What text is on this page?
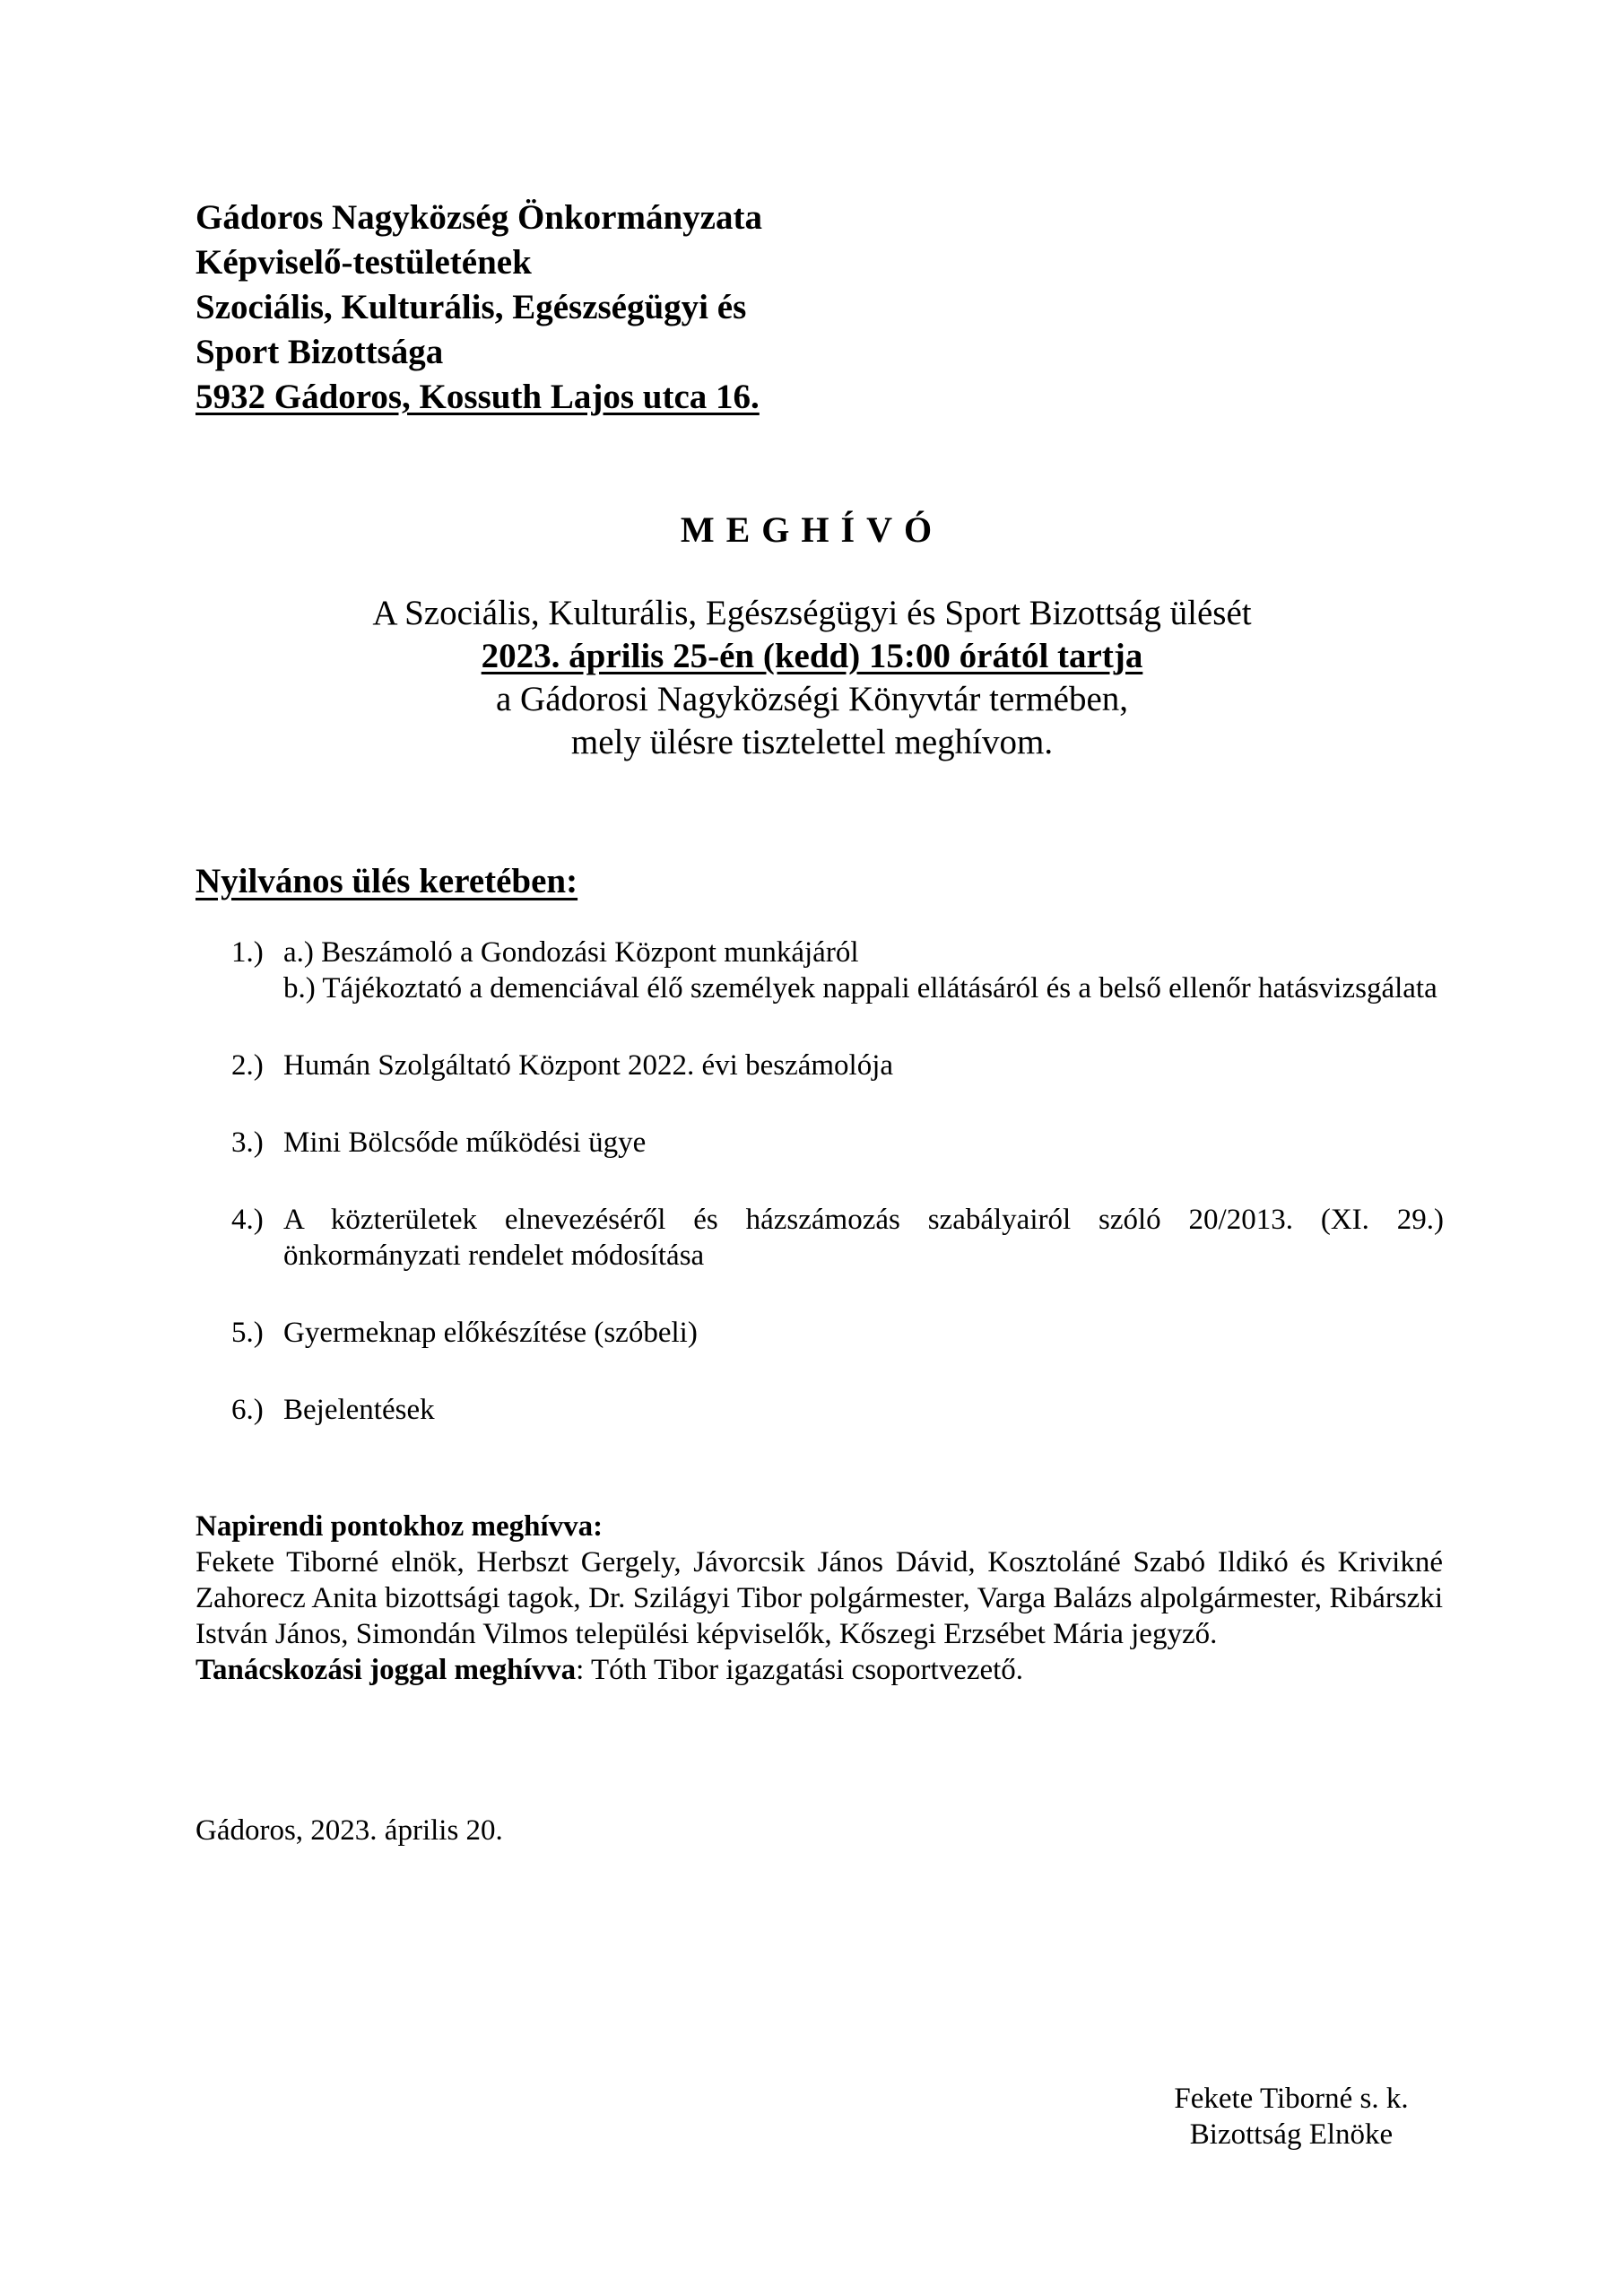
Gádoros Nagyközség Önkormányzata
Képviselő-testületének
Szociális, Kulturális, Egészségügyi és
Sport Bizottsága
5932 Gádoros, Kossuth Lajos utca 16.
MEGHÍVÓ
A Szociális, Kulturális, Egészségügyi és Sport Bizottság ülését
2023. április 25-én (kedd) 15:00 órától tartja
a Gádorosi Nagyközségi Könyvtár termében,
mely ülésre tisztelettel meghívom.
Nyilvános ülés keretében:
1.) a.) Beszámoló a Gondozási Központ munkájáról
b.) Tájékoztató a demenciával élő személyek nappali ellátásáról és a belső ellenőr hatásvizsgálata
2.) Humán Szolgáltató Központ 2022. évi beszámolója
3.) Mini Bölcsőde működési ügye
4.) A közterületek elnevezéséről és házszámozás szabályairól szóló 20/2013. (XI. 29.) önkormányzati rendelet módosítása
5.) Gyermeknap előkészítése (szóbeli)
6.) Bejelentések
Napirendi pontokhoz meghívva:
Fekete Tiborné elnök, Herbszt Gergely, Jávorcsik János Dávid, Kosztoláné Szabó Ildikó és Krivikné Zahorecz Anita bizottsági tagok, Dr. Szilágyi Tibor polgármester, Varga Balázs alpolgármester, Ribárszki István János, Simondán Vilmos települési képviselők, Kőszegi Erzsébet Mária jegyző.
Tanácskozási joggal meghívva: Tóth Tibor igazgatási csoportvezető.
Gádoros, 2023. április 20.
Fekete Tiborné s. k.
Bizottság Elnöke
